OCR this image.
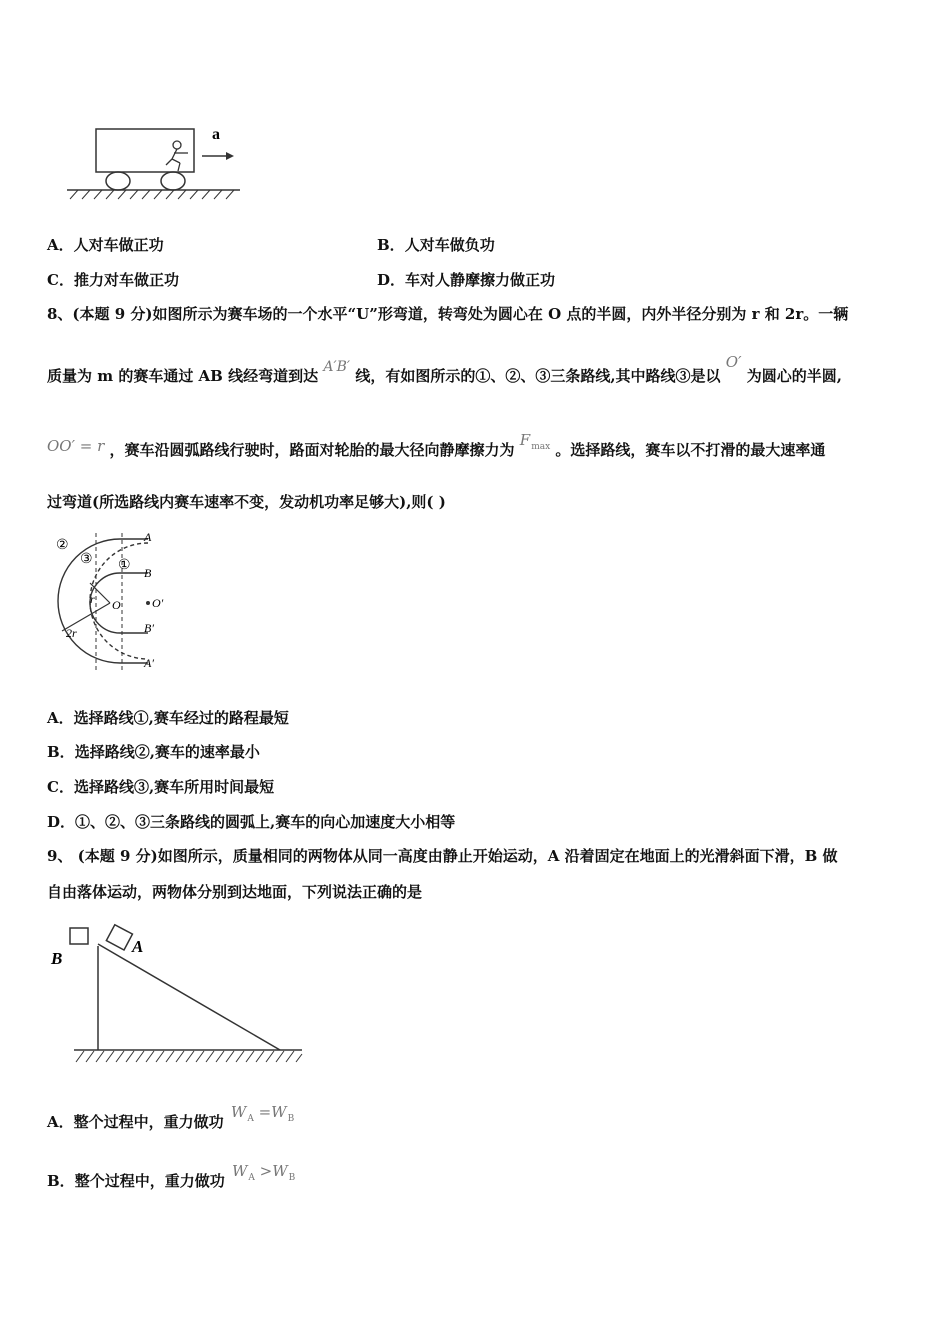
a
A．人对车做正功	B．人对车做负功
C．推力对车做正功	D．车对人静摩擦力做正功
8、(本题 9 分)如图所示为赛车场的一个水平“U”形弯道，转弯处为圆心在 O 点的半圆，内外半径分别为 r 和 2r。一辆
质量为 m 的赛车通过 AB 线经弯道到达 A′B′ 线，有如图所示的①、②、③三条路线,其中路线③是以 O′ 为圆心的半圆,
OO′ = r ，赛车沿圆弧路线行驶时，路面对轮胎的最大径向静摩擦力为 $F_{max}$ 。选择路线，赛车以不打滑的最大速率通
过弯道(所选路线内赛车速率不变，发动机功率足够大),则( )
②
③ ①
A
B
O	O′
B′
A′
r
2r
A．选择路线①,赛车经过的路程最短
B．选择路线②,赛车的速率最小
C．选择路线③,赛车所用时间最短
D．①、②、③三条路线的圆弧上,赛车的向心加速度大小相等
9、 (本题 9 分)如图所示，质量相同的两物体从同一高度由静止开始运动，A 沿着固定在地面上的光滑斜面下滑，B 做
自由落体运动，两物体分别到达地面，下列说法正确的是
A
B
A．整个过程中，重力做功 $W_A =W_B$
B．整个过程中，重力做功 $W_A >W_B$
